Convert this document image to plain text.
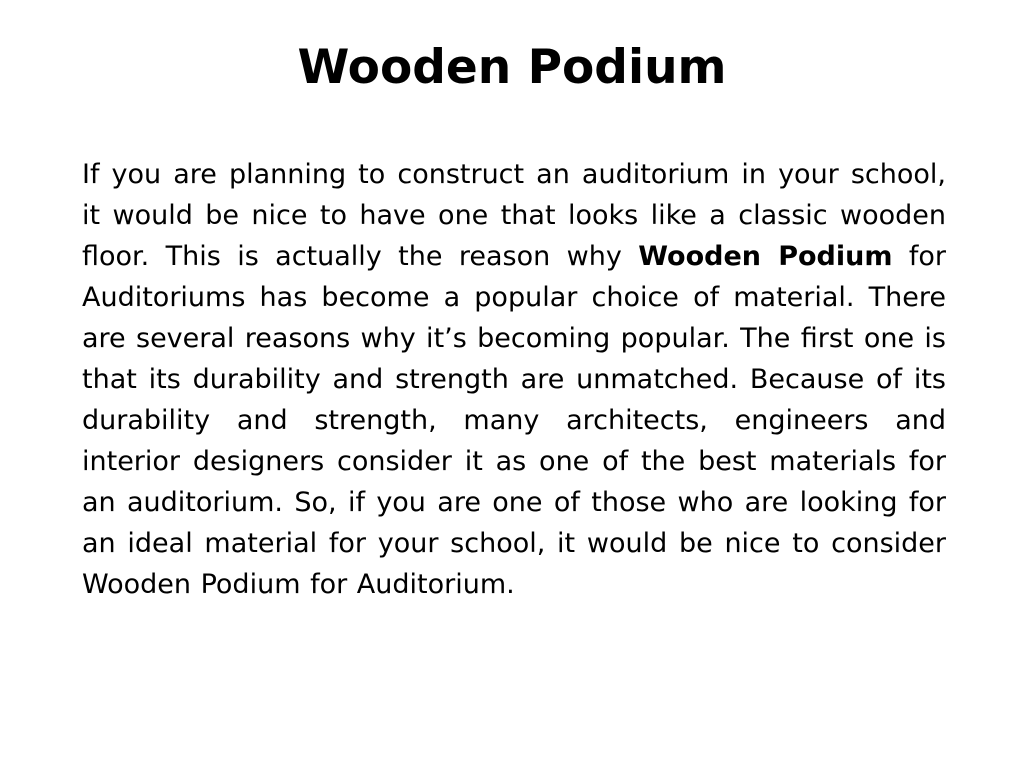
Wooden Podium

If you are planning to construct an auditorium in your school, it would be nice to have one that looks like a classic wooden floor. This is actually the reason why Wooden Podium for Auditoriums has become a popular choice of material. There are several reasons why it’s becoming popular. The first one is that its durability and strength are unmatched. Because of its durability and strength, many architects, engineers and interior designers consider it as one of the best materials for an auditorium. So, if you are one of those who are looking for an ideal material for your school, it would be nice to consider Wooden Podium for Auditorium.
